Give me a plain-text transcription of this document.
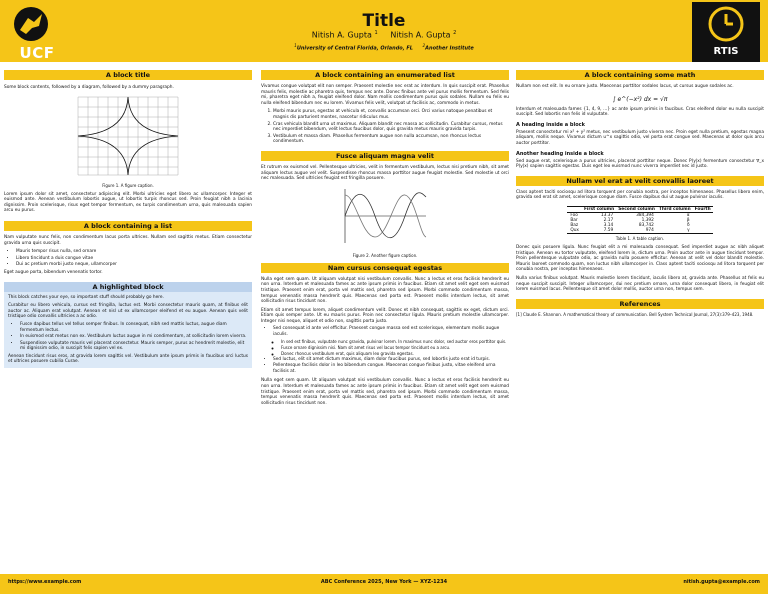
UCF
Title
Nitish A. Gupta $^1$ Nitish A. Gupta $^2$
$^1$University of Central Florida, Orlando, FL      $^2$Another Institute	RTIS
A block title
Some block contents, followed by a diagram, followed by a dummy paragraph.
Figure 1. A figure caption.
Lorem ipsum dolor sit amet, consectetur adipiscing elit. Morbi ultricies eget libero ac ullamcorper. Integer et euismod ante. Aenean vestibulum lobortis augue, ut lobortis turpis rhoncus sed. Proin feugiat nibh a lacinia dignissim. Proin scelerisque, risus eget tempor fermentum, ex turpis condimentum urna, quis malesuada sapien arcu eu purus.
A block containing a list
Nam vulputate nunc felis, non condimentum lacus porta ultrices. Nullam sed sagittis metus. Etiam consectetur gravida urna quis suscipit.
• Mauris tempor risus nulla, sed ornare
• Libero tincidunt a duis congue vitae
• Dui ac pretium morbi justo neque, ullamcorper
Eget augue porta, bibendum venenatis tortor.
A highlighted block
This block catches your eye, so important stuff should probably go here.
Curabitur eu libero vehicula, cursus est fringilla, luctus est. Morbi consectetur mauris quam, at finibus elit auctor ac. Aliquam erat volutpat. Aenean et nisl ut ex ullamcorper eleifend et eu augue. Aenean quis velit tristique odio convallis ultricies a ac odio.
• Fusce dapibus tellus vel tellus semper finibus. In consequat, nibh sed mattis luctus, augue diam fermentum lectus.
• In euismod erat metus non ex. Vestibulum luctus augue in mi condimentum, at sollicitudin lorem viverra.
• Suspendisse vulputate mauris vel placerat consectetur. Mauris semper, purus ac hendrerit molestie, elit mi dignissim odio, in suscipit felis sapien vel ex.
Aenean tincidunt risus eros, at gravida lorem sagittis vel. Vestibulum ante ipsum primis in faucibus orci luctus et ultrices posuere cubilia Curae.
A block containing an enumerated list
Vivamus congue volutpat elit non semper. Praesent molestie nec erat ac interdum. In quis suscipit erat. Phasellus mauris felis, molestie ac pharetra quis, tempus nec ante. Donec finibus ante vel purus mollis fermentum. Sed felis mi, pharetra eget nibh a, feugiat eleifend dolor. Nam mollis condimentum purus quis sodales. Nullam eu felis eu nulla eleifend bibendum nec eu lorem. Vivamus felis velit, volutpat ut facilisis ac, commodo in metus.
1. Morbi mauris purus, egestas at vehicula et, convallis accumsan orci. Orci varius natoque penatibus et magnis dis parturient montes, nascetur ridiculus mus.
2. Cras vehicula blandit urna ut maximus. Aliquam blandit nec massa ac sollicitudin. Curabitur cursus, metus nec imperdiet bibendum, velit lectus faucibus dolor, quis gravida metus mauris gravida turpis.
3. Vestibulum et massa diam. Phasellus fermentum augue non nulla accumsan, non rhoncus lectus condimentum.
Fusce aliquam magna velit
Et rutrum ex euismod vel. Pellentesque ultricies, velit in fermentum vestibulum, lectus nisi pretium nibh, sit amet aliquam lectus augue vel velit. Suspendisse rhoncus massa porttitor augue feugiat molestie. Sed molestie ut orci nec malesuada. Sed ultricies feugiat est fringilla posuere.
Figure 2. Another figure caption.
Nam cursus consequat egestas
Nulla eget sem quam. Ut aliquam volutpat nisi vestibulum convallis. Nunc a lectus et eros facilisis hendrerit eu non urna. Interdum et malesuada fames ac ante ipsum primis in faucibus. Etiam sit amet velit eget sem euismod tristique. Praesent enim erat, porta vel mattis sed, pharetra sed ipsum. Morbi commodo condimentum massa, tempus venenatis massa hendrerit quis. Maecenas sed porta est. Praesent mollis interdum lectus, sit amet sollicitudin risus tincidunt non.
Etiam sit amet tempus lorem, aliquet condimentum velit. Donec et nibh consequat, sagittis ex eget, dictum orci. Etiam quis semper ante. Ut eu mauris purus. Proin nec consectetur ligula. Mauris pretium molestie ullamcorper. Integer nisi neque, aliquet et odio non, sagittis porta justo.
• Sed consequat id ante vel efficitur. Praesent congue massa sed est scelerisque, elementum mollis augue iaculis.
◦ In sed est finibus, vulputate nunc gravida, pulvinar lorem. In maximus nunc dolor, sed auctor eros porttitor quis.
◦ Fusce ornare dignissim nisi. Nam sit amet risus vel lacus tempor tincidunt eu a arcu.
◦ Donec rhoncus vestibulum erat, quis aliquam leo gravida egestas.
• Sed luctus, elit sit amet dictum maximus, diam dolor faucibus purus, sed lobortis justo erat id turpis.
• Pellentesque facilisis dolor in leo bibendum congue. Maecenas congue finibus justo, vitae eleifend urna facilisis at.
Nulla eget sem quam. Ut aliquam volutpat nisi vestibulum convallis. Nunc a lectus et eros facilisis hendrerit eu non urna. Interdum et malesuada fames ac ante ipsum primis in faucibus. Etiam sit amet velit eget sem euismod tristique. Praesent enim erat, porta vel mattis sed, pharetra sed ipsum. Morbi commodo condimentum massa, tempus venenatis massa hendrerit quis. Maecenas sed porta est. Praesent mollis interdum lectus, sit amet sollicitudin risus tincidunt non.
A block containing some math
Nullam non est elit. In eu ornare justo. Maecenas porttitor sodales lacus, ut cursus augue sodales ac.
∫ e^(−x²) dx = √π
Interdum et malesuada fames {1, 4, 9, …} ac ante ipsum primis in faucibus. Cras eleifend dolor eu nulla suscipit suscipit. Sed lobortis non felis id vulputate.
A heading inside a block
Praesent consectetur mi x² + y² metus, nec vestibulum justo viverra nec. Proin eget nulla pretium, egestas magna aliquam, mollis neque. Vivamus dictum u^x sagittis odio, vel porta erat congue sed. Maecenas ut dolor quis arcu auctor porttitor.
Another heading inside a block
Sed augue erat, scelerisque a purus ultricies, placerat porttitor neque. Donec P(y|x) fermentum consectetur ∇_x P(y|x) sapien sagittis egestas. Duis eget leo euismod nunc viverra imperdiet nec id justo.
Nullam vel erat at velit convallis laoreet
Class aptent taciti sociosqu ad litora torquent per conubia nostra, per inceptos himenaeos. Phasellus libero enim, gravida sed erat sit amet, scelerisque congue diam. Fusce dapibus dui ut augue pulvinar iaculis.
	First column	Second column	Third column	Fourth
Foo	13.37	384,394	α	
Bar	2.17	1,392	β	
Baz	3.14	83,742	δ	
Qux	7.59	974	γ	
Table 1. A table caption.
Donec quis posuere ligula. Nunc feugiat elit a mi malesuada consequat. Sed imperdiet augue ac nibh aliquet tristique. Aenean eu tortor vulputate, eleifend lorem in, dictum urna. Proin auctor ante in augue tincidunt tempor. Proin pellentesque vulputate odio, ac gravida nulla posuere efficitur. Aenean at velit vel dolor blandit molestie. Mauris laoreet commodo quam, non luctus nibh ullamcorper in. Class aptent taciti sociosqu ad litora torquent per conubia nostra, per inceptos himenaeos.
Nulla varius finibus volutpat. Mauris molestie lorem tincidunt, iaculis libero at, gravida ante. Phasellus at felis eu neque suscipit suscipit. Integer ullamcorper, dui nec pretium ornare, urna dolor consequat libero, in feugiat elit lorem euismod lacus. Pellentesque sit amet dolor mollis, auctor urna non, tempus sem.
References
[1] Claude E. Shannon. A mathematical theory of communication. Bell System Technical Journal, 27(3):379–423, 1948.
https://www.example.com	ABC Conference 2025, New York — XYZ-1234	nitish.gupta@example.com
